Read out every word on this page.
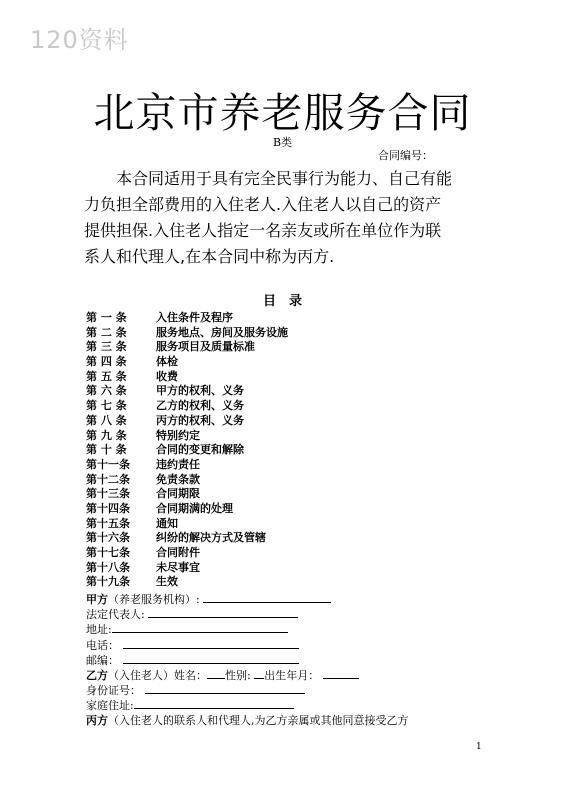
120资料
北京市养老服务合同
B类
合同编号：

本合同适用于具有完全民事行为能力、自己有能
力负担全部费用的入住老人.入住老人以自己的资产
提供担保.入住老人指定一名亲友或所在单位作为联
系人和代理人,在本合同中称为丙方.

目　录
第 一 条	入住条件及程序
第 二 条	服务地点、房间及服务设施
第 三 条	服务项目及质量标准
第 四 条	体检
第 五 条	收费
第 六 条	甲方的权利、义务
第 七 条	乙方的权利、义务
第 八 条	丙方的权利、义务
第 九 条	特别约定
第 十 条	合同的变更和解除
第十一条 违约责任
第十二条 免责条款
第十三条 合同期限
第十四条 合同期满的处理
第十五条 通知
第十六条 纠纷的解决方式及管辖
第十七条 合同附件
第十八条 未尽事宜
第十九条 生效
甲方（养老服务机构）:
法定代表人:
地址:
电话：
邮编：
乙方（入住老人）姓名： 性别: 出生年月：
身份证号：
家庭住址:
丙方（入住老人的联系人和代理人,为乙方亲属或其他同意接受乙方
1
